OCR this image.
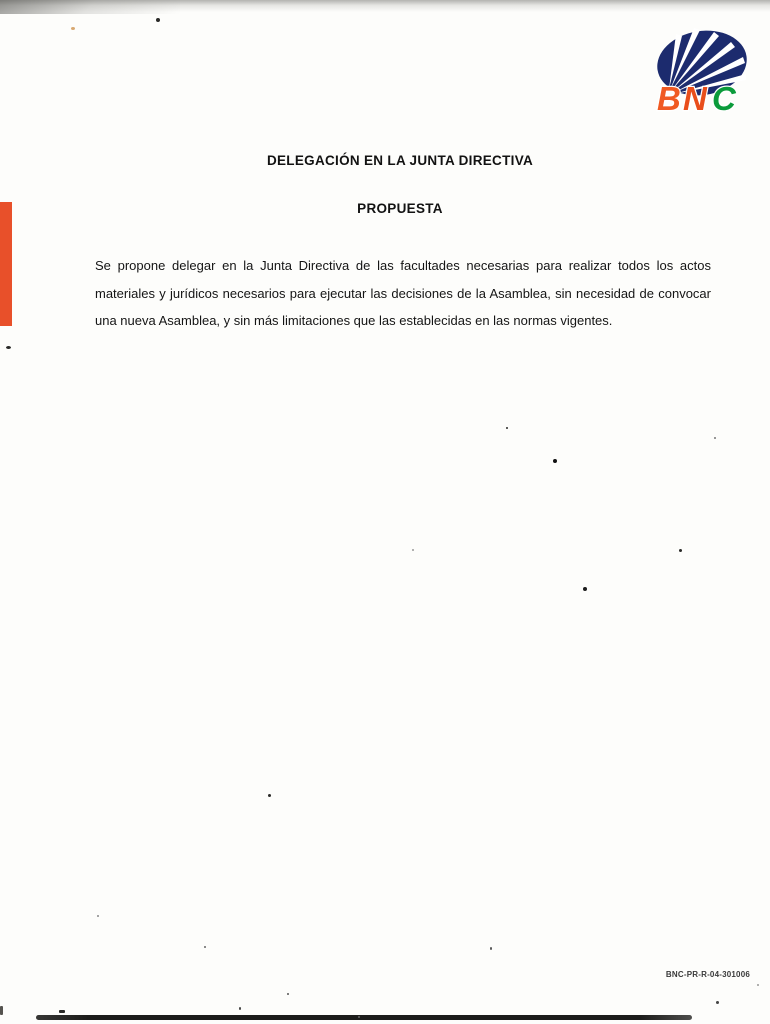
B N C
DELEGACIÓN EN LA JUNTA DIRECTIVA
PROPUESTA
Se propone delegar en la Junta Directiva de las facultades necesarias para realizar todos los actos
materiales y jurídicos necesarios para ejecutar las decisiones de la Asamblea, sin necesidad de convocar
una nueva Asamblea, y sin más limitaciones que las establecidas en las normas vigentes.
BNC-PR-R-04-301006
